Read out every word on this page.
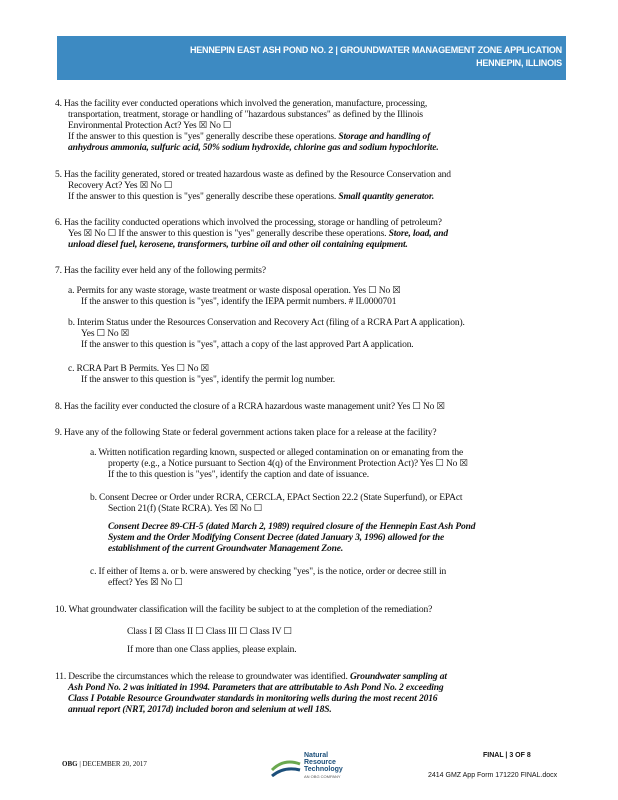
HENNEPIN EAST ASH POND NO. 2 | GROUNDWATER MANAGEMENT ZONE APPLICATION
HENNEPIN, ILLINOIS
4. Has the facility ever conducted operations which involved the generation, manufacture, processing,
transportation, treatment, storage or handling of "hazardous substances" as defined by the Illinois
Environmental Protection Act? Yes ☒ No ☐
If the answer to this question is "yes" generally describe these operations. Storage and handling of
anhydrous ammonia, sulfuric acid, 50% sodium hydroxide, chlorine gas and sodium hypochlorite.
5. Has the facility generated, stored or treated hazardous waste as defined by the Resource Conservation and
Recovery Act? Yes ☒ No ☐
If the answer to this question is "yes" generally describe these operations. Small quantity generator.
6. Has the facility conducted operations which involved the processing, storage or handling of petroleum?
Yes ☒ No ☐ If the answer to this question is "yes" generally describe these operations. Store, load, and
unload diesel fuel, kerosene, transformers, turbine oil and other oil containing equipment.
7. Has the facility ever held any of the following permits?
a. Permits for any waste storage, waste treatment or waste disposal operation. Yes ☐ No ☒
If the answer to this question is "yes", identify the IEPA permit numbers. # IL0000701
b. Interim Status under the Resources Conservation and Recovery Act (filing of a RCRA Part A application).
Yes ☐ No ☒
If the answer to this question is "yes", attach a copy of the last approved Part A application.
c. RCRA Part B Permits. Yes ☐ No ☒
If the answer to this question is "yes", identify the permit log number.
8. Has the facility ever conducted the closure of a RCRA hazardous waste management unit? Yes ☐ No ☒
9. Have any of the following State or federal government actions taken place for a release at the facility?
a. Written notification regarding known, suspected or alleged contamination on or emanating from the
property (e.g., a Notice pursuant to Section 4(q) of the Environment Protection Act)? Yes ☐ No ☒
If the to this question is "yes", identify the caption and date of issuance.
b. Consent Decree or Order under RCRA, CERCLA, EPAct Section 22.2 (State Superfund), or EPAct
Section 21(f) (State RCRA). Yes ☒ No ☐
Consent Decree 89-CH-5 (dated March 2, 1989) required closure of the Hennepin East Ash Pond
System and the Order Modifying Consent Decree (dated January 3, 1996) allowed for the
establishment of the current Groundwater Management Zone.
c. If either of Items a. or b. were answered by checking "yes", is the notice, order or decree still in
effect? Yes ☒ No ☐
10. What groundwater classification will the facility be subject to at the completion of the remediation?
Class I ☒ Class II ☐ Class III ☐ Class IV ☐
If more than one Class applies, please explain.
11. Describe the circumstances which the release to groundwater was identified. Groundwater sampling at
Ash Pond No. 2 was initiated in 1994. Parameters that are attributable to Ash Pond No. 2 exceeding
Class I Potable Resource Groundwater standards in monitoring wells during the most recent 2016
annual report (NRT, 2017d) included boron and selenium at well 18S.
OBG | DECEMBER 20, 2017
Natural
Resource
Technology
AN OBG COMPANY
FINAL | 3 OF 8
2414 GMZ App Form 171220 FINAL.docx
